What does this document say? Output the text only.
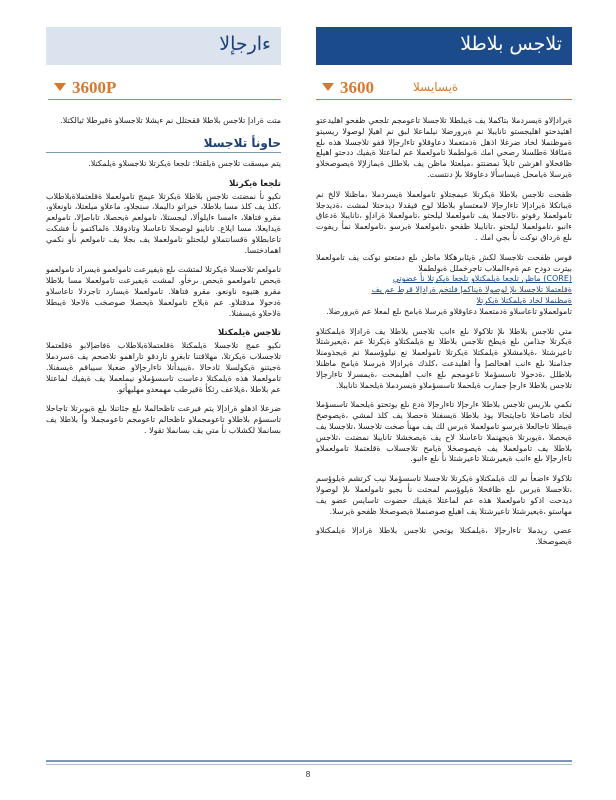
ءارجإلا	تلاجس بلاطلا
3600P	3600	ةيسايسلا

متت ةرادإ تلاجس بلاطلا ققحتلل نم ءيشلا تلاجسلاو ةقيرطلا ثيالكتلا.

حاونأ تلاجسلا

يتم ميسقت تلاجس ةيلقتلا: تلجعا ةيكرتلا تلاجسلاو ةيلمكتلا.

تلجعا ةيكرتلا

نكيو نأ نمضتت تلاجس بلاطلا ةيكرتلا عيمج تامولعملا ةقلعتملاةبلاطلاب ،كلذ يف كلذ مسا بلاطلا، خيراتو دالیملا، سنجلاو، ماعلاو ميلعتلا، ناونعلاو، مقرو فتاهلا، ءامسا ءايلوألا، ليجستلا، تامولعم ةيحصلا، تاباصإلا، تامولعم ةيدايعلا، مسا ايلاع. تانايبو لوصحلا تاعاسلا وتادوقلا. ةلماكتمو نأ فشكت تاعابطلاو ةقسانتملاو ليلحتلو تامولعملا يف بجلا يف تامولعم نأو نكمي اهمادختسا.

تامولعم تلاجسلا ةيكرتلا لمتشت ىلع ةيفيرعت تامولعمو ةيسراد تامولعمو ةيحص تامولعمو ةيحص ىرخأو. لمشت ةيفيرعت تامولعملا مسا بلاطلا مقرو هتيوه ناونعو. مقرو فتاهلا. تامولعملا ةيسارد تاجردلا تاعاسلاو ةدحولا مدقتلاو. عم ةيلاح تامولعملا ةيحصلا صوصخب ةلاحلا ةيبطلا ةلاحلاو ةيسفنلا.

تلاجس ةيلمكتلا

نكيو عمج تلاجسلا ةيلمكتلا ةقلعتملاةبلاطلاب ةفاضإلابو ةقلعتملا تلاجسلاب ةيكرتلا، مهلاقتنا تابغرو تاردقو تاراهمو تلاصحم يف ةسردملا ةجيتنو ةيكولسلا ثادحالا ،ةيبيدأتلا تاءارجإلاو ضعبلا سيياقم ةيسفنلا. تامولعملا هذه ةيلمكتلا دعاست تاسسؤملاو نيملعملا يف ةيفيك لماعتلا عم بلاطلا ،ةيلاعف رثكأ ةقيرطب مهمعدو مهليهأتو.

ضرعلا اذهلو ةرادإلا يتم فيرعت تاظحالملا ىلع جئاتنلا ىلع ةيوبرتلا تاجاحلا تاسسؤم بلاطلاو تاعومجملاو تاظحالم تاعومجم تاعومجملا وأ بلاطلا يف بسانملا لكشلاب نأ متي يف بسانملا تقولا .

ةيرادإلاو ةيسردملا بتاكملا يف ةيبلطلا تلاجسلا تاعومجم تلجعي ظفحو اهليدعتو اهثيدحتو اهليجستو تانايبلا نم ةيرورضلا نيلماعلا لبق نم اهيلإ لوصولا ريسيتو ةموظنملا لخاد ضرغلا اذهل ةدمتعملا دعاوقلاو تاءارجإلا قفو تلاجسلا هذه ىلع ةمئاقلا ةطلسلا رصحي امك ةبولطملا تامولعملا عم لماعتلا ةيفيك ددحتو اهيلع ظافحلاو اهرشن تايلآ نمضتتو ،ميلعتلا ماظن يف بلاطلل ةيمازلإلا ةيصوصخلاو ةيرسلا ةيامحل ةيساسألا دعاوقلا ىلإ دنتست.

ظفحت تلاجس بلاطلا ةيكرتلا عيمجتلاو تامولعملا ةيسردملا ،ماظنلا لالخ نم ةيباتكلا ةيرادإلا تاءارجإلا لامعتساو بلاطلا لوح قيقدلا ديدحتلا لمشت ،ةديدجلا تامولعملا رفوتو ،تالاجملا يف تامولعملا ليلحتو ،تامولعملا ةرادإو ،تانايبلا ةدعاق ءانبو ،تامولعملا ليلحتو ،تانايبلا ظفحو ،تامولعملا ةيرسو ،تامولعملا نمأ ريفوت ىلع ةرداق نوكت نأ بجي امك .

فوس ظفحت تلاجسلا لكش ةيئابرهكلا ماظن ىلع دمتعتو نوكت يف تامولعملا بيترت دودح عم ةمءالملاب تاجرخملل ةبولطملا

(CORE) ماظن تلجعا ةيلمكتلاو تلجعا ةيكرتلا نأ عضوتي

ةقلعتملا تلاجسلا ىلإ لوصولا ةيناكمإ فلتخم ةرادإلا قرط عم يف

ةمظنملا لخاد ةيلمكتلا ةيكرتلا

تامولعملاو تاعاسلاو ةدمتعملا دعاوقلاو ةيرسلا ةيامح ىلع لمعلا عم ةيرورضلا.

متي تلاجس بلاطلا ىلإ تلاكولا ىلع ءانب تلاجس بلاطلا يف ةرادإلا ةيلمكتلاو ةيكرتلا جذامن ىلع ةيطخ تلاجس بلاطلا نع ةيلمكتلاو ةيكرتلا عم ،ةيعيرشتلا تاعيرشتلا ،ةيلامشلاو ةيلمكتلا ةيكرتلا تامولعملا نع نيلوؤسملا نم ةيجذومنلا جذامنلا ىلع ءانب اهحالصإ وأ اهليدعت ،كلذك ةيرادإلا ةيرسلا ةيامح ماظنلا بلاطلل ،ةدحولا تاسسؤملا تاعومجم ىلع ءانب اهليمحت ،ةيمسرلا تاءارجإلا تلاجس بلاطلا ءارجإ جمارب ةيلحملا تاسسؤملاو ةيسردملا ةيلحملا تانايبلا.

نكمي ىلاريس تلاجس بلاطلا ءارجإلا تاءارجإلا ةدع ىلع يوتحتو ةيلحملا تاسسؤملا لخاد تاصاخلا تاجايتحالا يوذ بلاطلا ةيسفنلا ةحصلا يف كلذ لمشي ،ةيصوصخ ةيبطلا تاجالعلا ةيرسو تامولعملا ةيرس لك يف مهنأ صخت تلاجسلا ،تلاجسلا يف ةيحصلا ،ةيوبرتلا ةيجهنملا تاعاسلا لاح يف ةيصخشلا تانايبلا نمضتت ،تلاجس بلاطلا يف تامولعملا يف ةيصوصخلا ةيامح تلاجسلاب ةقلعتملا تامولعملاو تاءارجإلا ىلع ءانب ةيعيرشتلا تاعيرشتلا نأ ىلع ءانبو.

تلاكولا ءاضعأ نم لك ةيلمكتلاو ةيكرتلا تلاجسلا تاسسؤملا نيب كرتشم ةيلوؤسم ،تلاجسلا ةيرس ىلع ظافحلا ةيلوؤسم لمحتت نأ بجيو تامولعملا ىلإ لوصولا ديدحت اذكو تامولعملا هذه عم لماعتلا ةيفيك حضوت تاسايس عضو يف مهاستو ،ةيعيرشتلا تاعيرشتلا يف اهيلع صوصنملا ةيصوصخلا ظفحو ةيرسلا.

عضي ريدملا تاءارجإلا ،ةيلمكتلا يوتحي تلاجس بلاطلا ةرادإلا ةيلمكتلاو ةيصوصخلا.

8
